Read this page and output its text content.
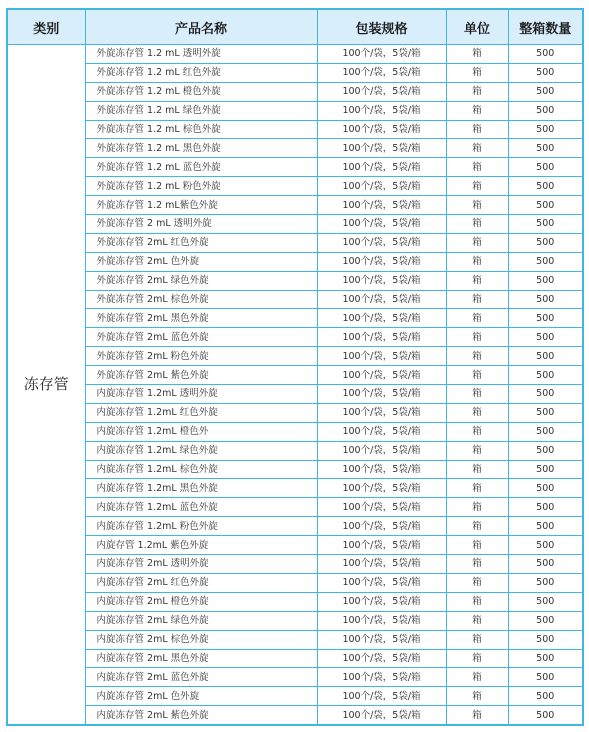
类别	产品名称	包装规格	单位	整箱数量
冻存管	外旋冻存管 1.2 mL 透明外旋	100个/袋，5袋/箱	箱	500
	外旋冻存管 1.2 mL 红色外旋	100个/袋，5袋/箱	箱	500
	外旋冻存管 1.2 mL 橙色外旋	100个/袋，5袋/箱	箱	500
	外旋冻存管 1.2 mL 绿色外旋	100个/袋，5袋/箱	箱	500
	外旋冻存管 1.2 mL 棕色外旋	100个/袋，5袋/箱	箱	500
	外旋冻存管 1.2 mL 黑色外旋	100个/袋，5袋/箱	箱	500
	外旋冻存管 1.2 mL 蓝色外旋	100个/袋，5袋/箱	箱	500
	外旋冻存管 1.2 mL 粉色外旋	100个/袋，5袋/箱	箱	500
	外旋冻存管 1.2 mL紫色外旋	100个/袋，5袋/箱	箱	500
	外旋冻存管 2 mL 透明外旋	100个/袋，5袋/箱	箱	500
	外旋冻存管 2mL 红色外旋	100个/袋，5袋/箱	箱	500
	外旋冻存管 2mL 色外旋	100个/袋，5袋/箱	箱	500
	外旋冻存管 2mL 绿色外旋	100个/袋，5袋/箱	箱	500
	外旋冻存管 2mL 棕色外旋	100个/袋，5袋/箱	箱	500
	外旋冻存管 2mL 黑色外旋	100个/袋，5袋/箱	箱	500
	外旋冻存管 2mL 蓝色外旋	100个/袋，5袋/箱	箱	500
	外旋冻存管 2mL 粉色外旋	100个/袋，5袋/箱	箱	500
	外旋冻存管 2mL 紫色外旋	100个/袋，5袋/箱	箱	500
	内旋冻存管 1.2mL 透明外旋	100个/袋，5袋/箱	箱	500
	内旋冻存管 1.2mL 红色外旋	100个/袋，5袋/箱	箱	500
	内旋冻存管 1.2mL 橙色外	100个/袋，5袋/箱	箱	500
	内旋冻存管 1.2mL 绿色外旋	100个/袋，5袋/箱	箱	500
	内旋冻存管 1.2mL 棕色外旋	100个/袋，5袋/箱	箱	500
	内旋冻存管 1.2mL 黑色外旋	100个/袋，5袋/箱	箱	500
	内旋冻存管 1.2mL 蓝色外旋	100个/袋，5袋/箱	箱	500
	内旋冻存管 1.2mL 粉色外旋	100个/袋，5袋/箱	箱	500
	内旋存管 1.2mL 紫色外旋	100个/袋，5袋/箱	箱	500
	内旋冻存管 2mL 透明外旋	100个/袋，5袋/箱	箱	500
	内旋冻存管 2mL 红色外旋	100个/袋，5袋/箱	箱	500
	内旋冻存管 2mL 橙色外旋	100个/袋，5袋/箱	箱	500
	内旋冻存管 2mL 绿色外旋	100个/袋，5袋/箱	箱	500
	内旋冻存管 2mL 棕色外旋	100个/袋，5袋/箱	箱	500
	内旋冻存管 2mL 黑色外旋	100个/袋，5袋/箱	箱	500
	内旋冻存管 2mL 蓝色外旋	100个/袋，5袋/箱	箱	500
	内旋冻存管 2mL 色外旋	100个/袋，5袋/箱	箱	500
	内旋冻存管 2mL 紫色外旋	100个/袋，5袋/箱	箱	500
